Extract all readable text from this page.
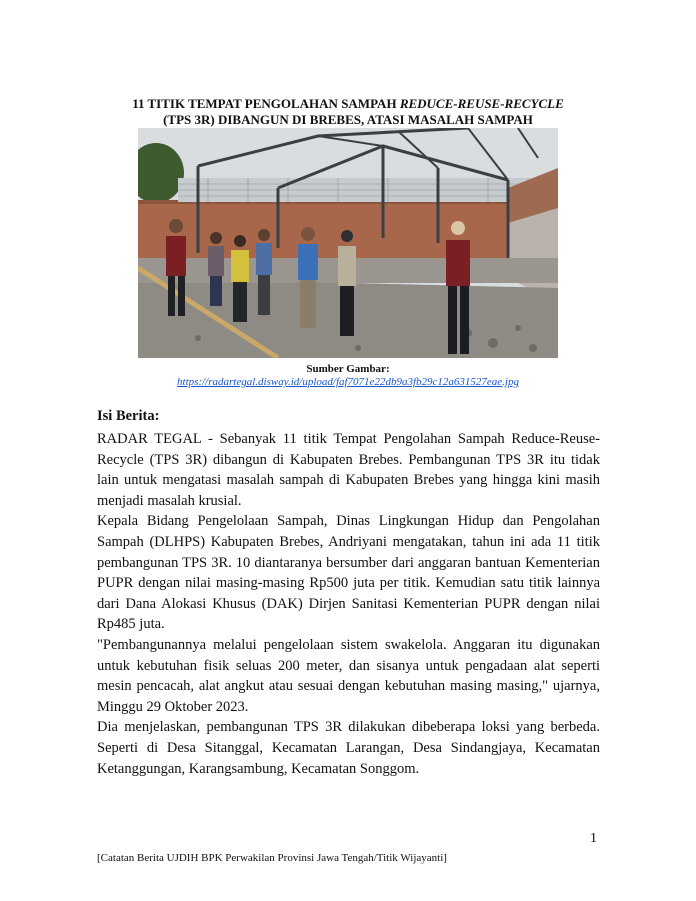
11 TITIK TEMPAT PENGOLAHAN SAMPAH REDUCE-REUSE-RECYCLE
(TPS 3R) DIBANGUN DI BREBES, ATASI MASALAH SAMPAH
Sumber Gambar:
https://radartegal.disway.id/upload/faf7071e22db9a3fb29c12a631527eae.jpg
Isi Berita:

RADAR TEGAL - Sebanyak 11 titik Tempat Pengolahan Sampah Reduce-Reuse-Recycle (TPS 3R) dibangun di Kabupaten Brebes. Pembangunan TPS 3R itu tidak lain untuk mengatasi masalah sampah di Kabupaten Brebes yang hingga kini masih menjadi masalah krusial.

Kepala Bidang Pengelolaan Sampah, Dinas Lingkungan Hidup dan Pengolahan Sampah (DLHPS) Kabupaten Brebes, Andriyani mengatakan, tahun ini ada 11 titik pembangunan TPS 3R. 10 diantaranya bersumber dari anggaran bantuan Kementerian PUPR dengan nilai masing-masing Rp500 juta per titik. Kemudian satu titik lainnya dari Dana Alokasi Khusus (DAK) Dirjen Sanitasi Kementerian PUPR dengan nilai Rp485 juta.

"Pembangunannya melalui pengelolaan sistem swakelola. Anggaran itu digunakan untuk kebutuhan fisik seluas 200 meter, dan sisanya untuk pengadaan alat seperti mesin pencacah, alat angkut atau sesuai dengan kebutuhan masing masing," ujarnya, Minggu 29 Oktober 2023.

Dia menjelaskan, pembangunan TPS 3R dilakukan dibeberapa loksi yang berbeda. Seperti di Desa Sitanggal, Kecamatan Larangan, Desa Sindangjaya, Kecamatan Ketanggungan, Karangsambung, Kecamatan Songgom.

1
[Catatan Berita UJDIH BPK Perwakilan Provinsi Jawa Tengah/Titik Wijayanti]
